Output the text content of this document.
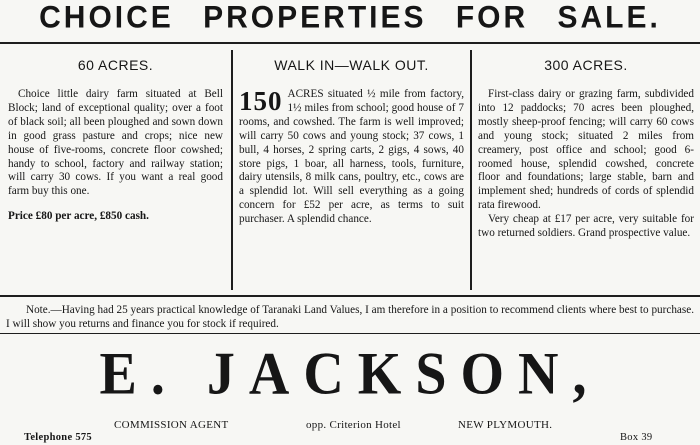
CHOICE PROPERTIES FOR SALE.
60 ACRES.

Choice little dairy farm situated at Bell Block; land of exceptional quality; over a foot of black soil; all been ploughed and sown down in good grass pasture and crops; nice new house of five-rooms, concrete floor cowshed; handy to school, factory and railway station; will carry 30 cows. If you want a real good farm buy this one.

Price £80 per acre, £850 cash.

WALK IN—WALK OUT.

150 ACRES situated ½ mile from factory, 1½ miles from school; good house of 7 rooms, and cowshed. The farm is well improved; will carry 50 cows and young stock; 37 cows, 1 bull, 4 horses, 2 spring carts, 2 gigs, 4 sows, 40 store pigs, 1 boar, all harness, tools, furniture, dairy utensils, 8 milk cans, poultry, etc., cows are a splendid lot. Will sell everything as a going concern for £52 per acre, as terms to suit purchaser. A splendid chance.

300 ACRES.

First-class dairy or grazing farm, subdivided into 12 paddocks; 70 acres been ploughed, mostly sheep-proof fencing; will carry 60 cows and young stock; situated 2 miles from creamery, post office and school; good 6-roomed house, splendid cowshed, concrete floor and foundations; large stable, barn and implement shed; hundreds of cords of splendid rata firewood.

Very cheap at £17 per acre, very suitable for two returned soldiers. Grand prospective value.

Note.—Having had 25 years practical knowledge of Taranaki Land Values, I am therefore in a position to recommend clients where best to purchase. I will show you returns and finance you for stock if required.
E. JACKSON,
COMMISSION AGENT	opp. Criterion Hotel	NEW PLYMOUTH.
Telephone 575	Box 39
